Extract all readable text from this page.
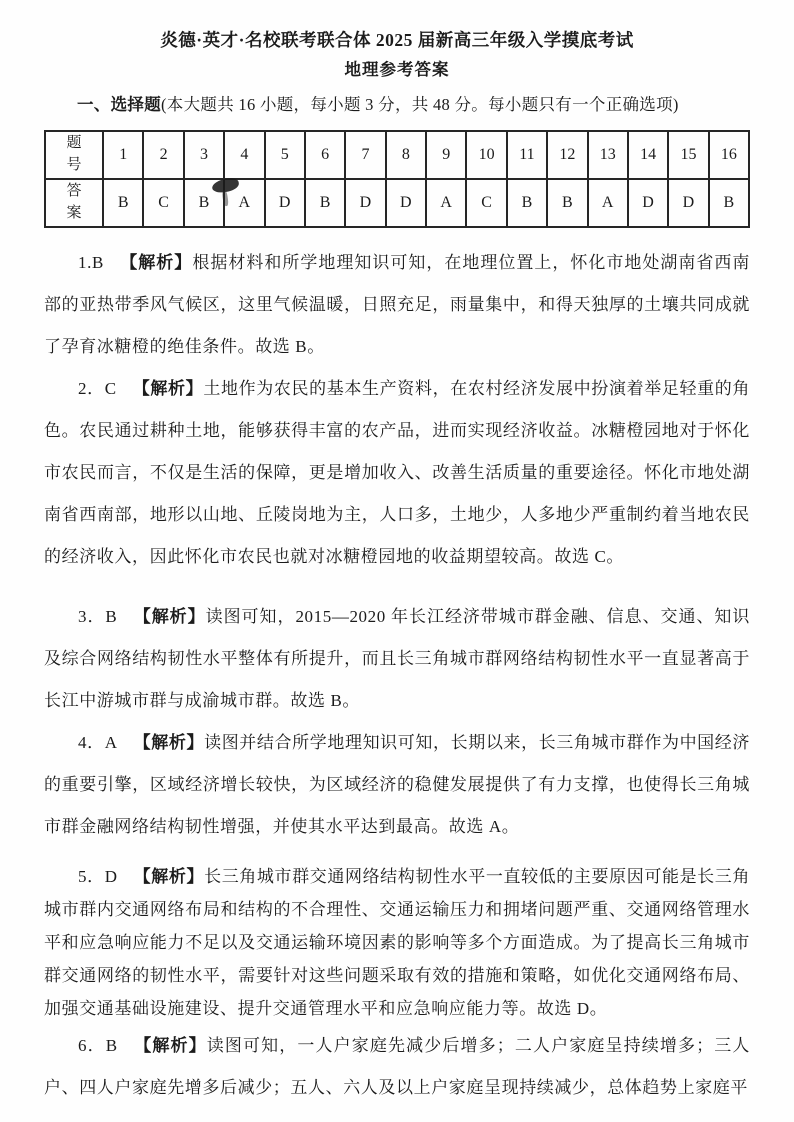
炎德·英才·名校联考联合体 2025 届新高三年级入学摸底考试
地理参考答案

一、选择题(本大题共 16 小题，每小题 3 分，共 48 分。每小题只有一个正确选项)

题号	1	2	3	4	5	6	7	8	9	10	11	12	13	14	15	16
答案	B	C	B	A	D	B	D	D	A	C	B	B	A	D	D	B

1.B 【解析】根据材料和所学地理知识可知，在地理位置上，怀化市地处湖南省西南部的亚热带季风气候区，这里气候温暖，日照充足，雨量集中，和得天独厚的土壤共同成就了孕育冰糖橙的绝佳条件。故选 B。

2．C 【解析】土地作为农民的基本生产资料，在农村经济发展中扮演着举足轻重的角色。农民通过耕种土地，能够获得丰富的农产品，进而实现经济收益。冰糖橙园地对于怀化市农民而言，不仅是生活的保障，更是增加收入、改善生活质量的重要途径。怀化市地处湖南省西南部，地形以山地、丘陵岗地为主，人口多，土地少，人多地少严重制约着当地农民的经济收入，因此怀化市农民也就对冰糖橙园地的收益期望较高。故选 C。

3．B 【解析】读图可知，2015—2020 年长江经济带城市群金融、信息、交通、知识及综合网络结构韧性水平整体有所提升，而且长三角城市群网络结构韧性水平一直显著高于长江中游城市群与成渝城市群。故选 B。

4．A 【解析】读图并结合所学地理知识可知，长期以来，长三角城市群作为中国经济的重要引擎，区域经济增长较快，为区域经济的稳健发展提供了有力支撑，也使得长三角城市群金融网络结构韧性增强，并使其水平达到最高。故选 A。

5．D 【解析】长三角城市群交通网络结构韧性水平一直较低的主要原因可能是长三角城市群内交通网络布局和结构的不合理性、交通运输压力和拥堵问题严重、交通网络管理水平和应急响应能力不足以及交通运输环境因素的影响等多个方面造成。为了提高长三角城市群交通网络的韧性水平，需要针对这些问题采取有效的措施和策略，如优化交通网络布局、加强交通基础设施建设、提升交通管理水平和应急响应能力等。故选 D。

6．B 【解析】读图可知，一人户家庭先减少后增多；二人户家庭呈持续增多；三人户、四人户家庭先增多后减少；五人、六人及以上户家庭呈现持续减少，总体趋势上家庭平
